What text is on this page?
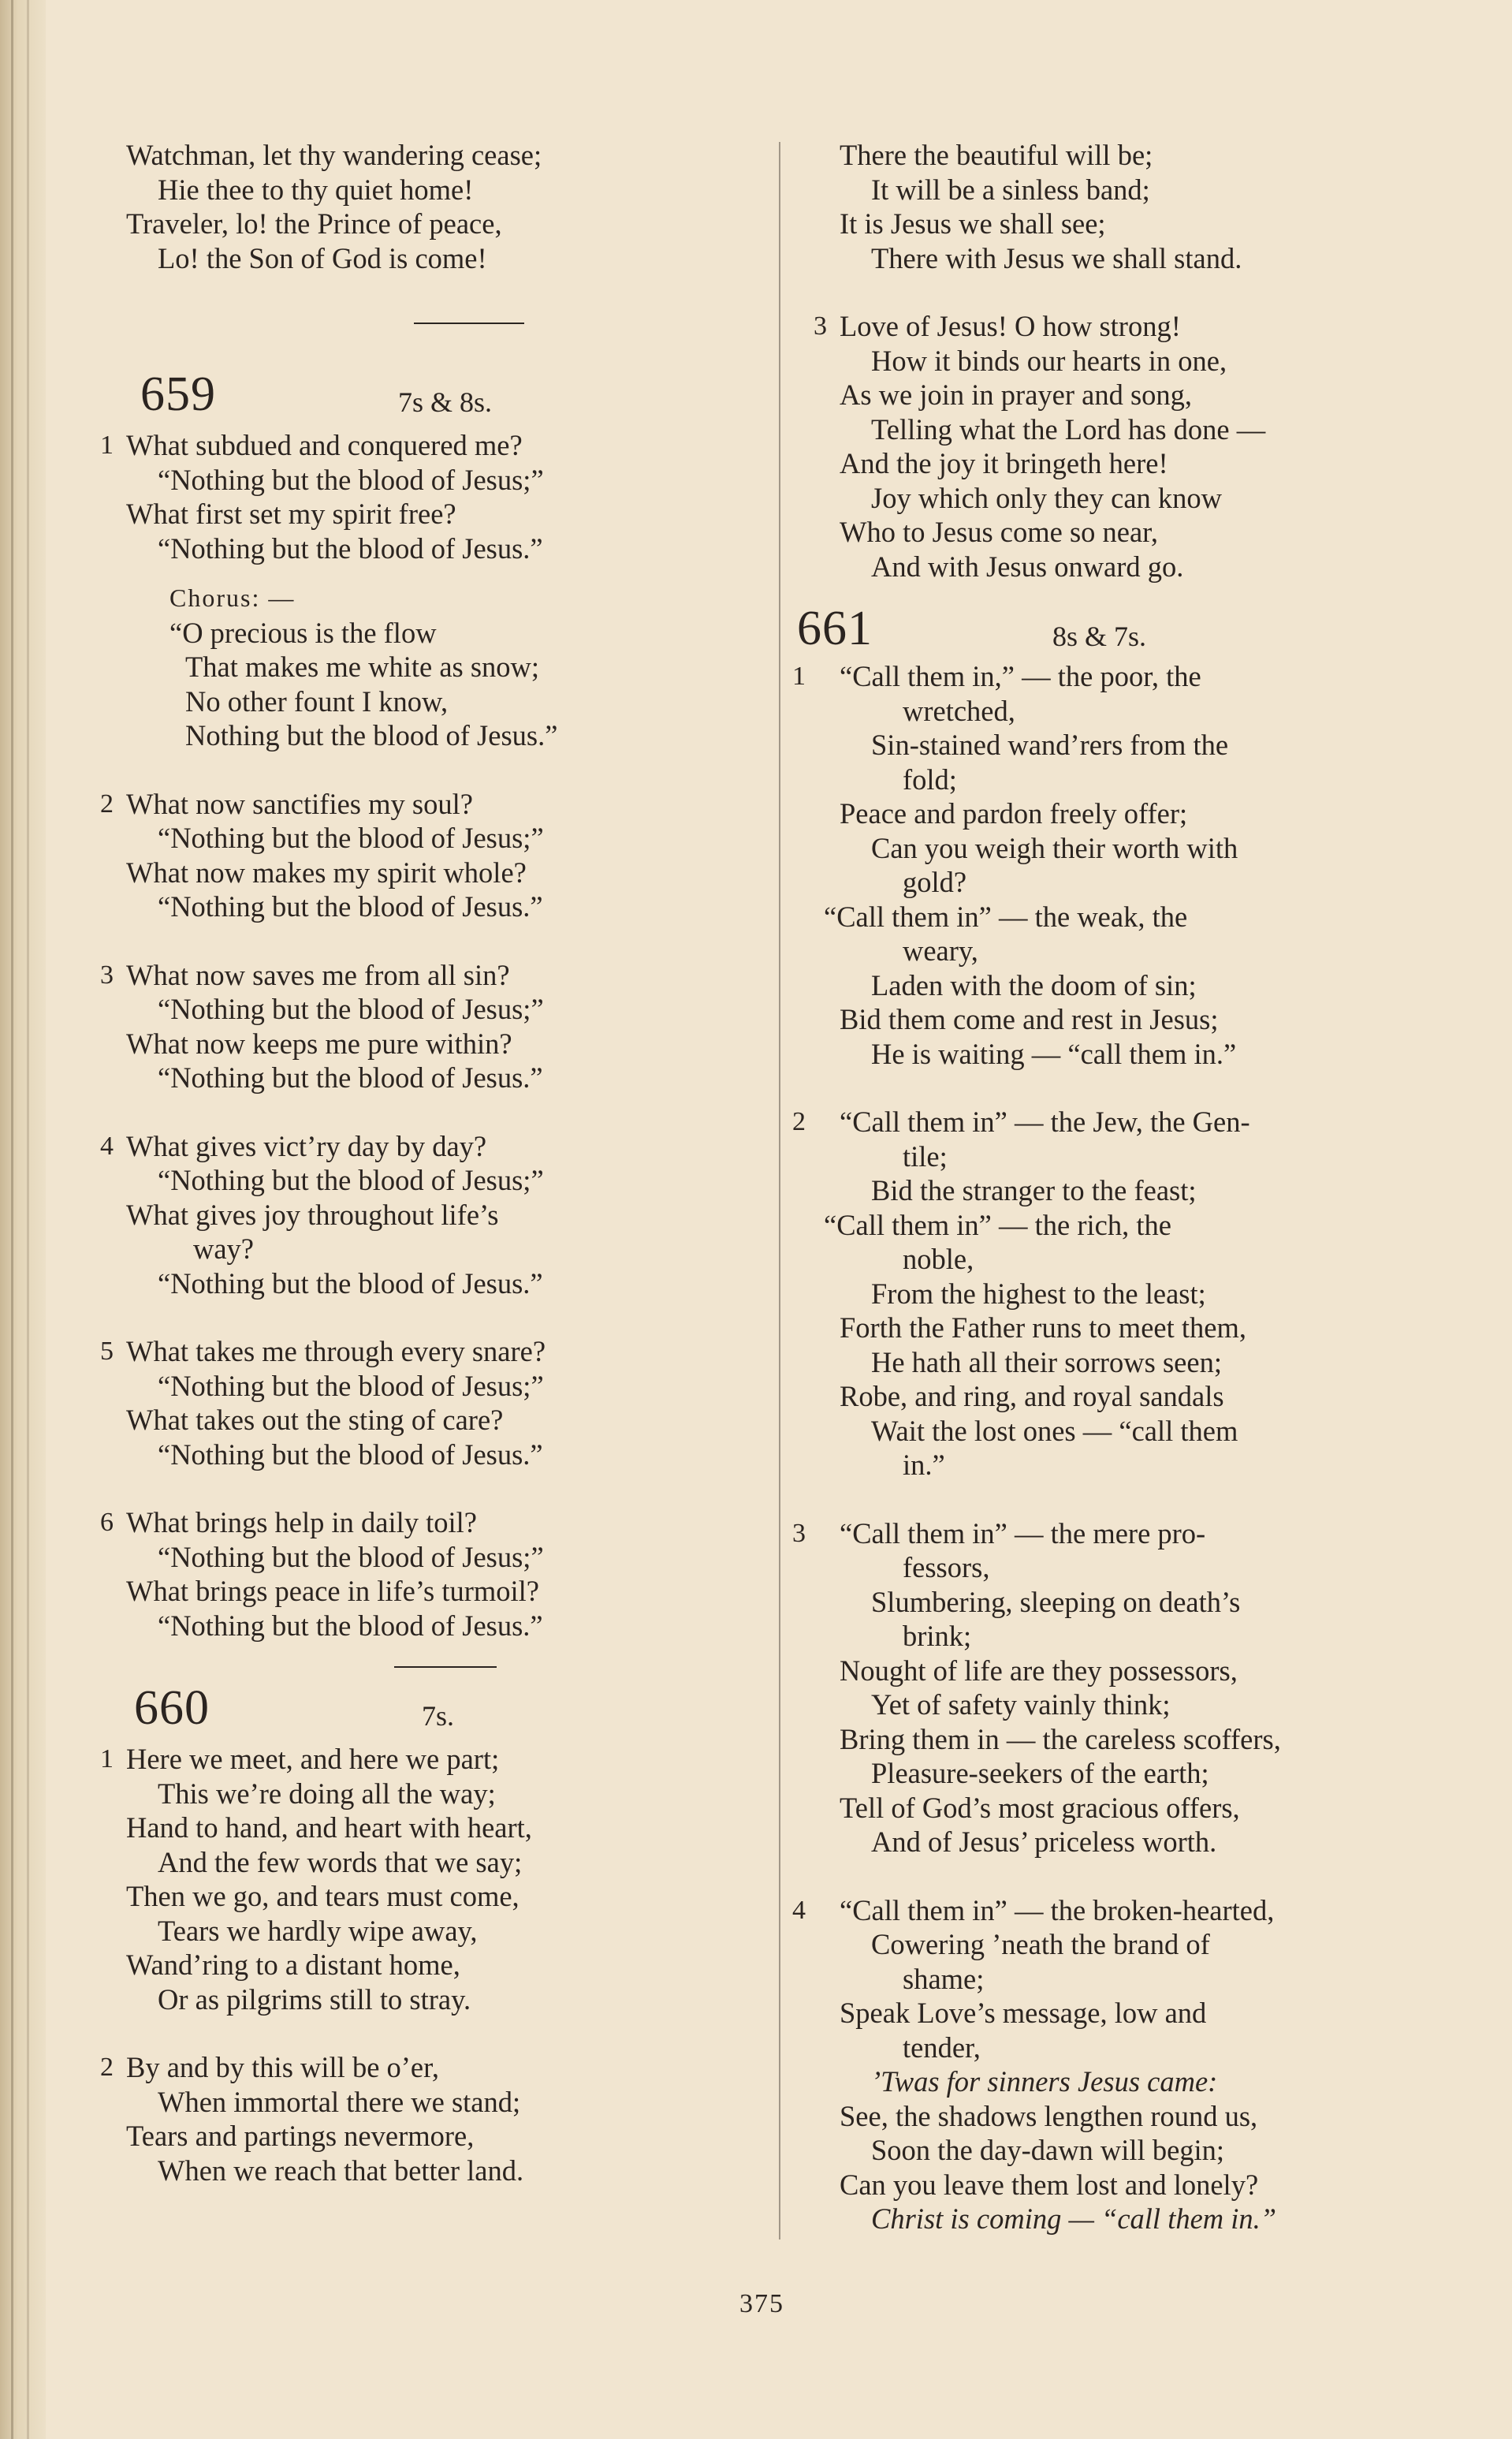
Watchman, let thy wandering cease;
Hie thee to thy quiet home!
Traveler, lo! the Prince of peace,
Lo! the Son of God is come!
659	7s & 8s.
1 What subdued and conquered me?
“Nothing but the blood of Jesus;”
What first set my spirit free?
“Nothing but the blood of Jesus.”
Chorus: —
“O precious is the flow
That makes me white as snow;
No other fount I know,
Nothing but the blood of Jesus.”
2 What now sanctifies my soul?
“Nothing but the blood of Jesus;”
What now makes my spirit whole?
“Nothing but the blood of Jesus.”
3 What now saves me from all sin?
“Nothing but the blood of Jesus;”
What now keeps me pure within?
“Nothing but the blood of Jesus.”
4 What gives vict’ry day by day?
“Nothing but the blood of Jesus;”
What gives joy throughout life’s
way?
“Nothing but the blood of Jesus.”
5 What takes me through every snare?
“Nothing but the blood of Jesus;”
What takes out the sting of care?
“Nothing but the blood of Jesus.”
6 What brings help in daily toil?
“Nothing but the blood of Jesus;”
What brings peace in life’s turmoil?
“Nothing but the blood of Jesus.”
660	7s.
1 Here we meet, and here we part;
This we’re doing all the way;
Hand to hand, and heart with heart,
And the few words that we say;
Then we go, and tears must come,
Tears we hardly wipe away,
Wand’ring to a distant home,
Or as pilgrims still to stray.
2 By and by this will be o’er,
When immortal there we stand;
Tears and partings nevermore,
When we reach that better land.
There the beautiful will be;
It will be a sinless band;
It is Jesus we shall see;
There with Jesus we shall stand.
3 Love of Jesus! O how strong!
How it binds our hearts in one,
As we join in prayer and song,
Telling what the Lord has done —
And the joy it bringeth here!
Joy which only they can know
Who to Jesus come so near,
And with Jesus onward go.
661	8s & 7s.
1 “Call them in,” — the poor, the
wretched,
Sin-stained wand’rers from the
fold;
Peace and pardon freely offer;
Can you weigh their worth with
gold?
“Call them in” — the weak, the
weary,
Laden with the doom of sin;
Bid them come and rest in Jesus;
He is waiting — “call them in.”
2 “Call them in” — the Jew, the Gen-
tile;
Bid the stranger to the feast;
“Call them in” — the rich, the
noble,
From the highest to the least;
Forth the Father runs to meet them,
He hath all their sorrows seen;
Robe, and ring, and royal sandals
Wait the lost ones — “call them
in.”
3 “Call them in” — the mere pro-
fessors,
Slumbering, sleeping on death’s
brink;
Nought of life are they possessors,
Yet of safety vainly think;
Bring them in — the careless scoffers,
Pleasure-seekers of the earth;
Tell of God’s most gracious offers,
And of Jesus’ priceless worth.
4 “Call them in” — the broken-hearted,
Cowering ’neath the brand of
shame;
Speak Love’s message, low and
tender,
’Twas for sinners Jesus came:
See, the shadows lengthen round us,
Soon the day-dawn will begin;
Can you leave them lost and lonely?
Christ is coming — “call them in.”
375
